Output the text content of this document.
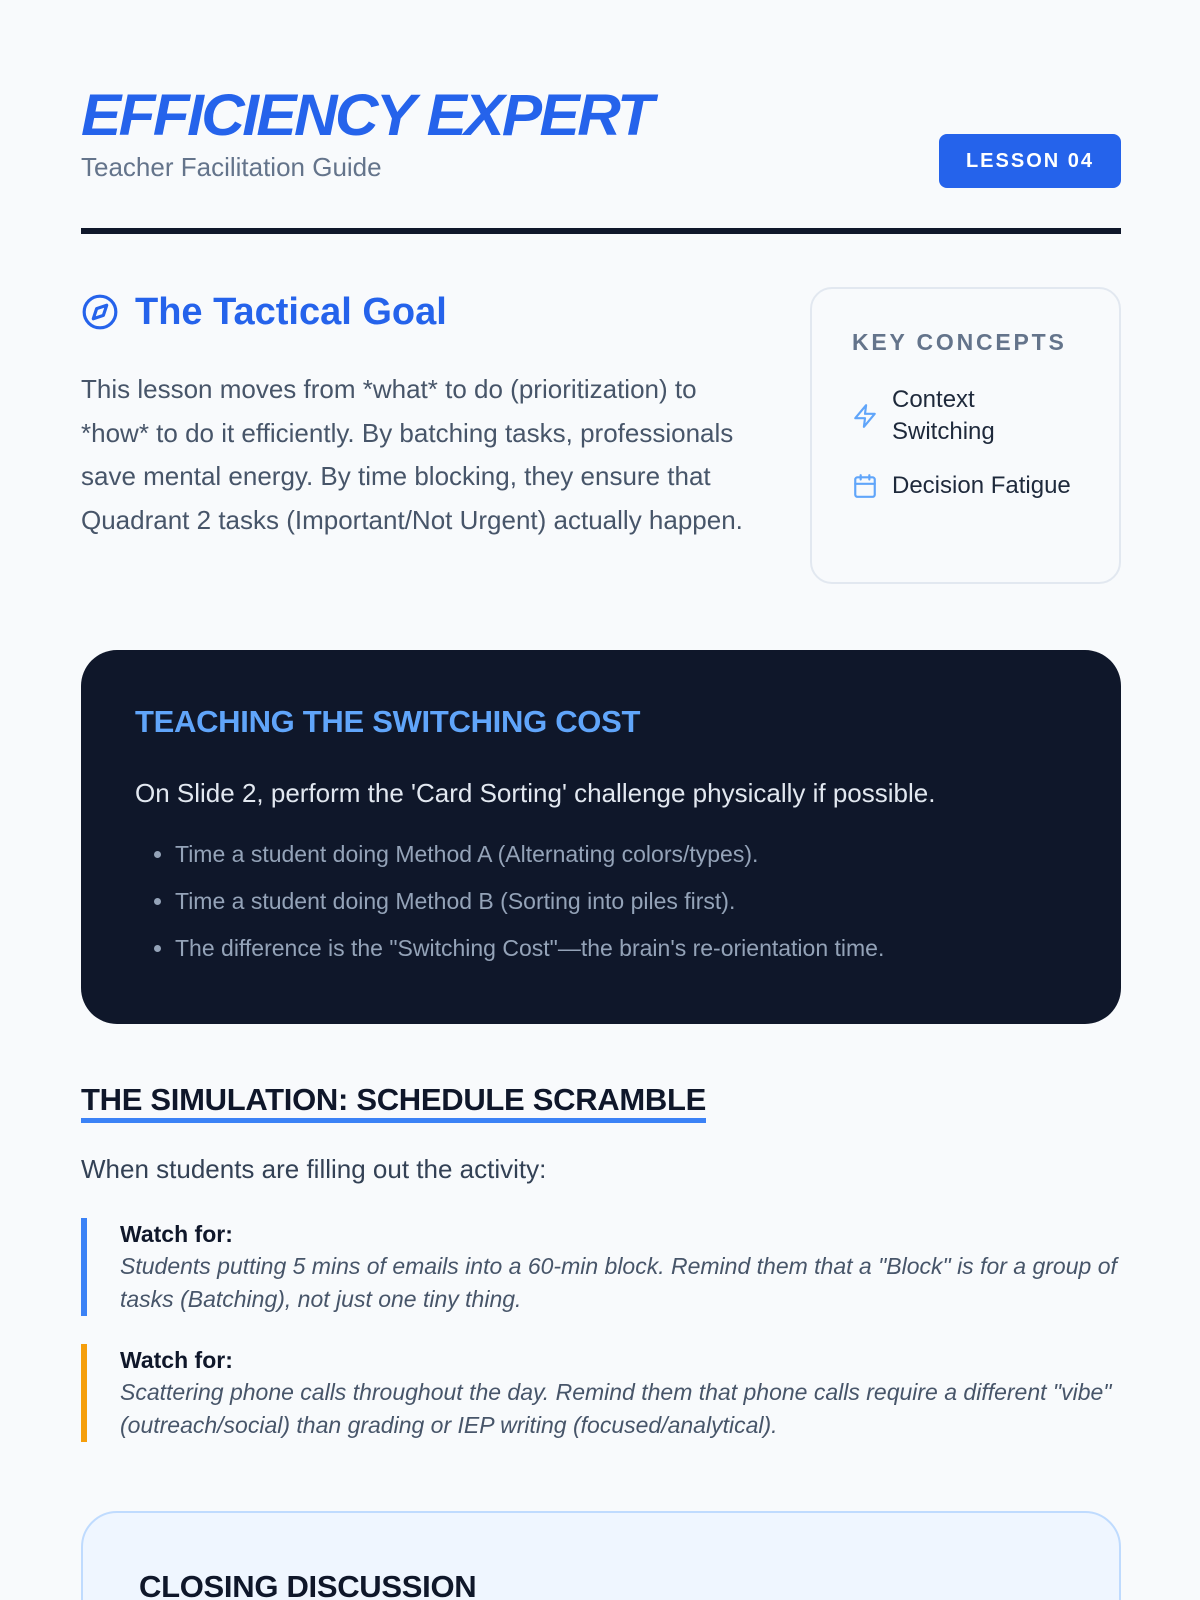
EFFICIENCY EXPERT
Teacher Facilitation Guide	LESSON 04
The Tactical Goal

This lesson moves from *what* to do (prioritization) to *how* to do it efficiently. By batching tasks, professionals save mental energy. By time blocking, they ensure that Quadrant 2 tasks (Important/Not Urgent) actually happen.

KEY CONCEPTS
Context Switching
Decision Fatigue
TEACHING THE SWITCHING COST

On Slide 2, perform the 'Card Sorting' challenge physically if possible.

• Time a student doing Method A (Alternating colors/types).
• Time a student doing Method B (Sorting into piles first).
• The difference is the "Switching Cost"—the brain's re-orientation time.
THE SIMULATION: SCHEDULE SCRAMBLE

When students are filling out the activity:

Watch for:
Students putting 5 mins of emails into a 60-min block. Remind them that a "Block" is for a group of tasks (Batching), not just one tiny thing.
Watch for:
Scattering phone calls throughout the day. Remind them that phone calls require a different "vibe" (outreach/social) than grading or IEP writing (focused/analytical).
CLOSING DISCUSSION
